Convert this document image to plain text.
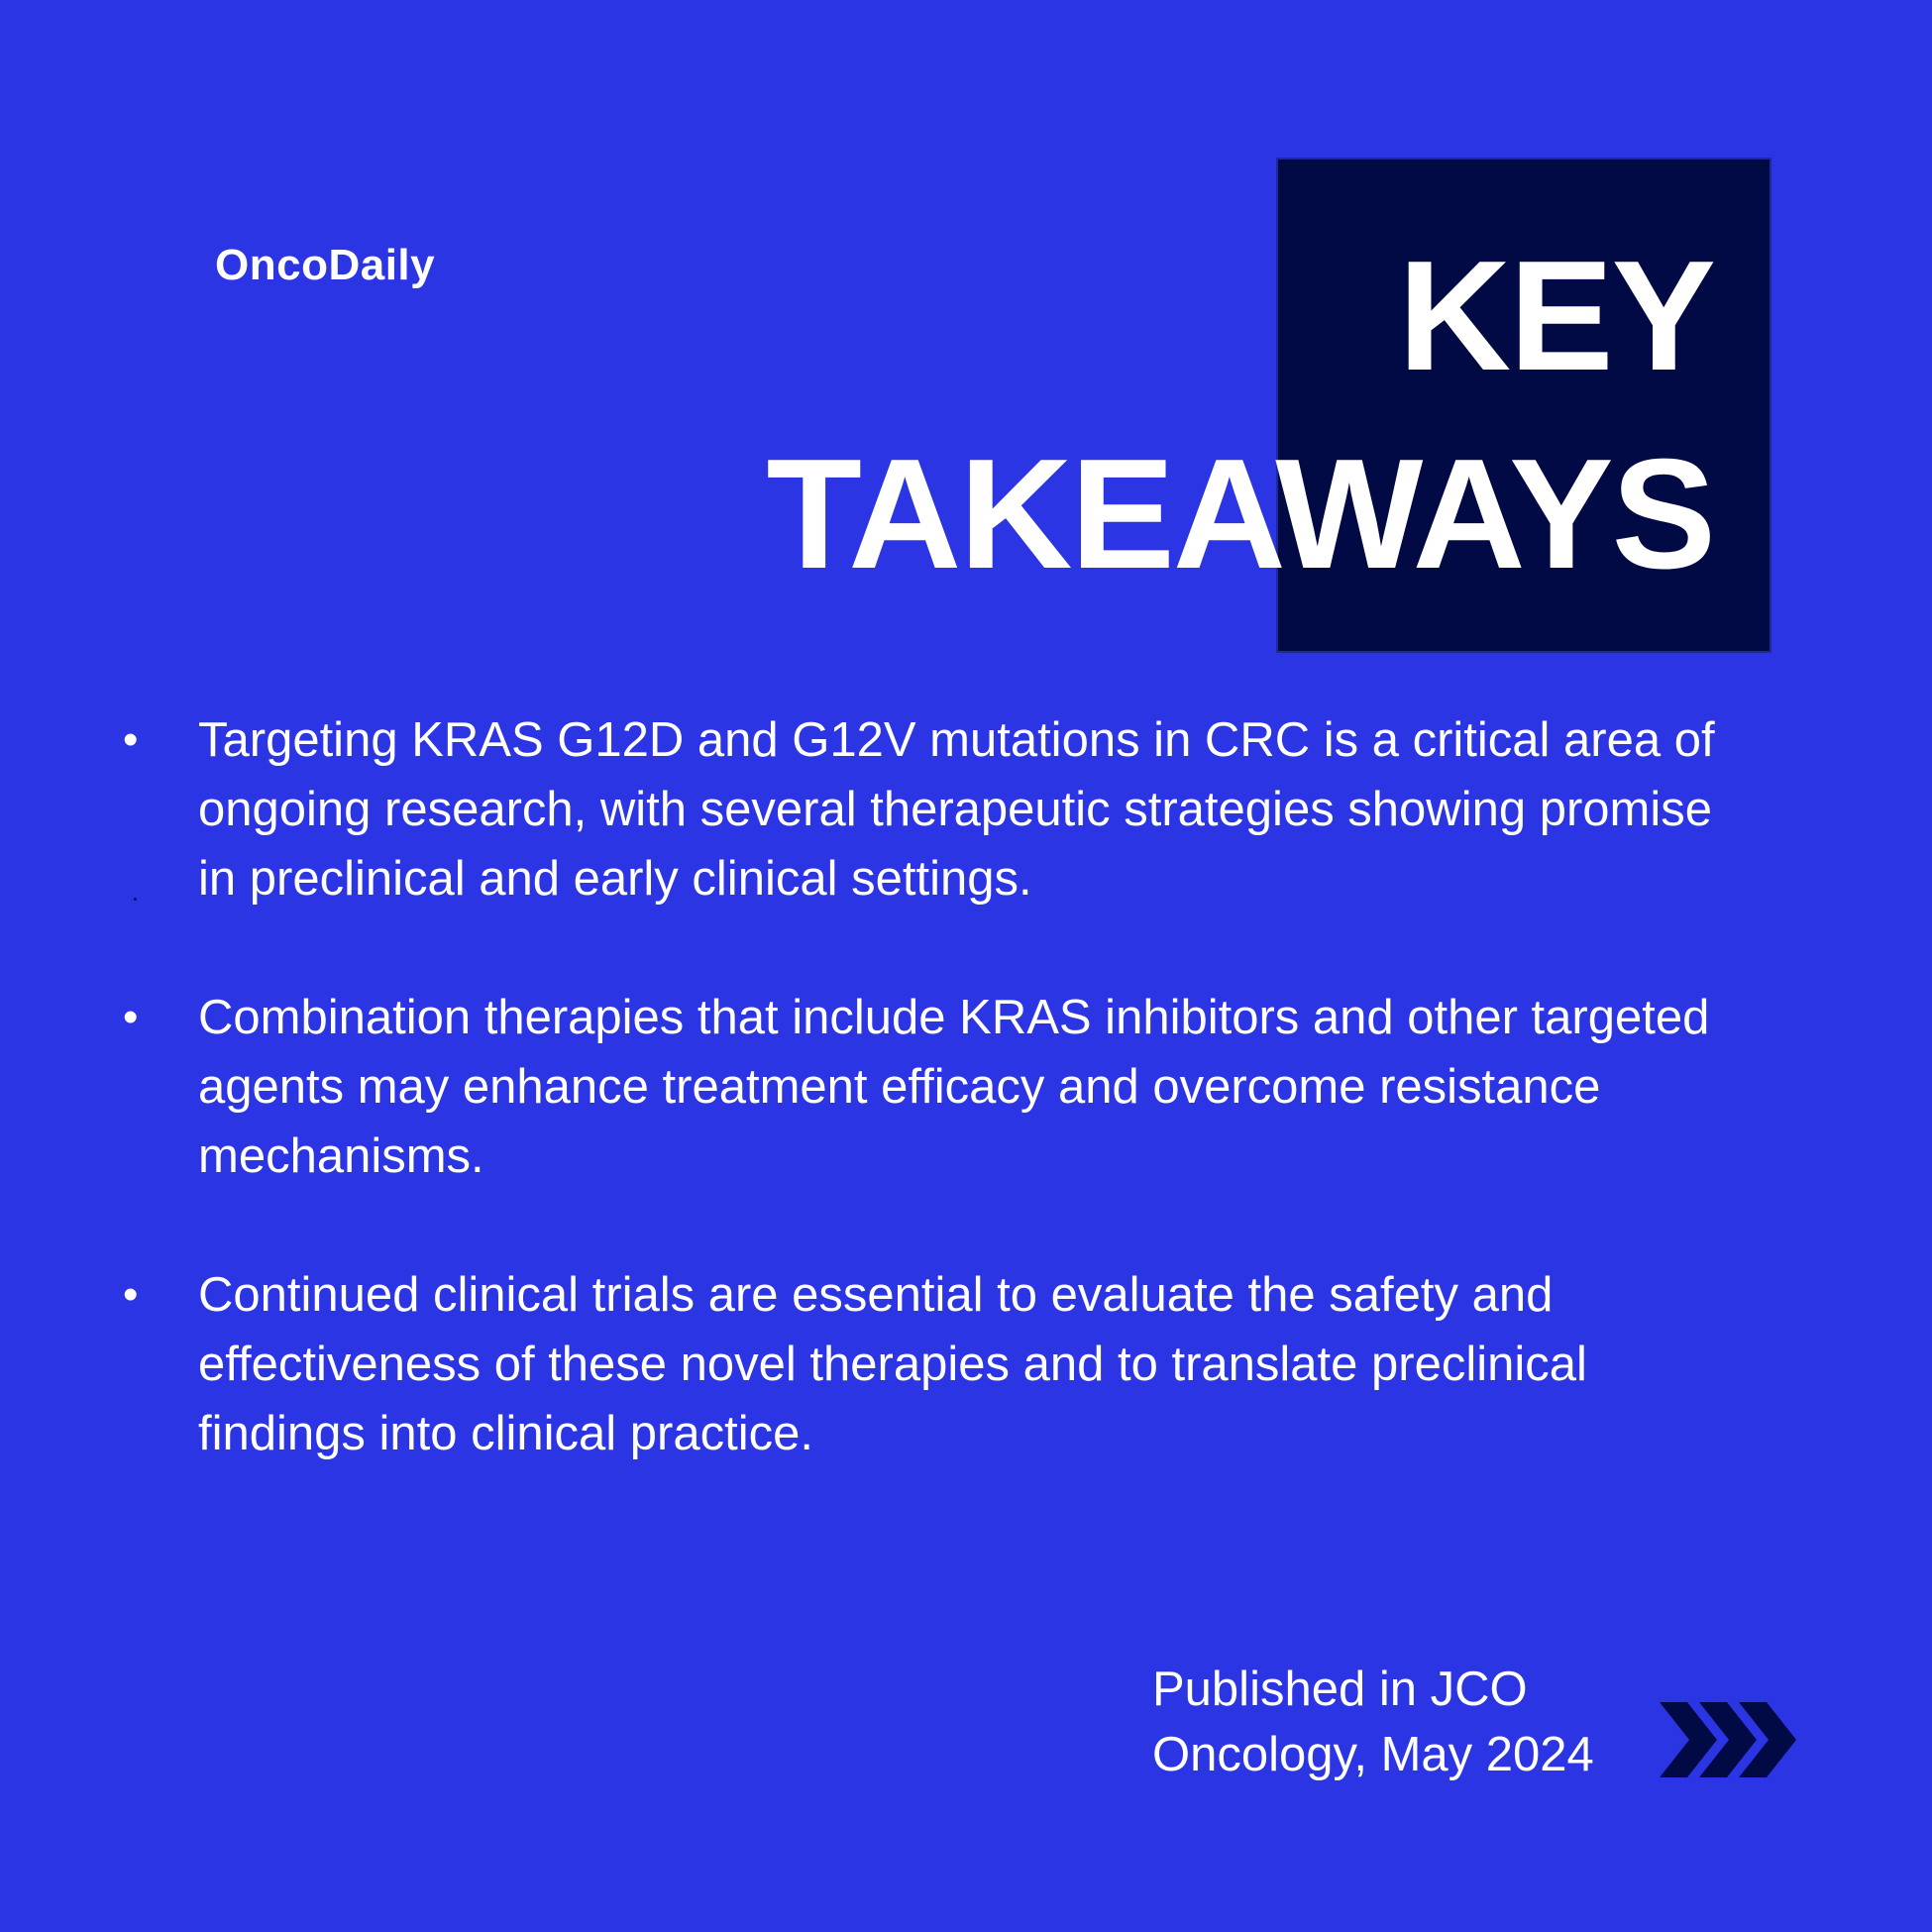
OncoDaily	KEY
TAKEAWAYS
• Targeting KRAS G12D and G12V mutations in CRC is a critical area of ongoing research, with several therapeutic strategies showing promise in preclinical and early clinical settings.
• Combination therapies that include KRAS inhibitors and other targeted agents may enhance treatment efficacy and overcome resistance mechanisms.
• Continued clinical trials are essential to evaluate the safety and effectiveness of these novel therapies and to translate preclinical findings into clinical practice.
Published in JCO
Oncology, May 2024
